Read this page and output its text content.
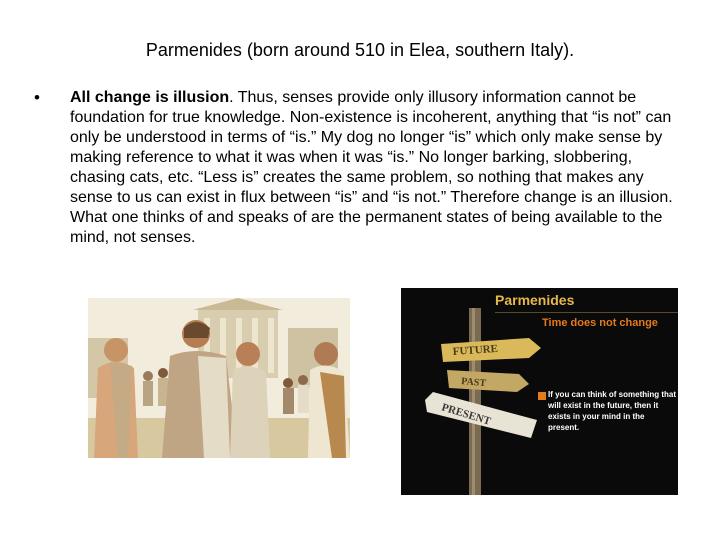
Parmenides (born around 510 in Elea, southern Italy).
• All change is illusion. Thus, senses provide only illusory information cannot be foundation for true knowledge. Non-existence is incoherent, anything that “is not” can only be understood in terms of “is.” My dog no longer “is” which only make sense by making reference to what it was when it was “is.” No longer barking, slobbering, chasing cats, etc. “Less is” creates the same problem, so nothing that makes any sense to us can exist in flux between “is” and “is not.” Therefore change is an illusion. What one thinks of and speaks of are the permanent states of being available to the mind, not senses.
Parmenides
Time does not change
FUTURE
PAST
PRESENT
If you can think of something that will exist in the future, then it exists in your mind in the present.
